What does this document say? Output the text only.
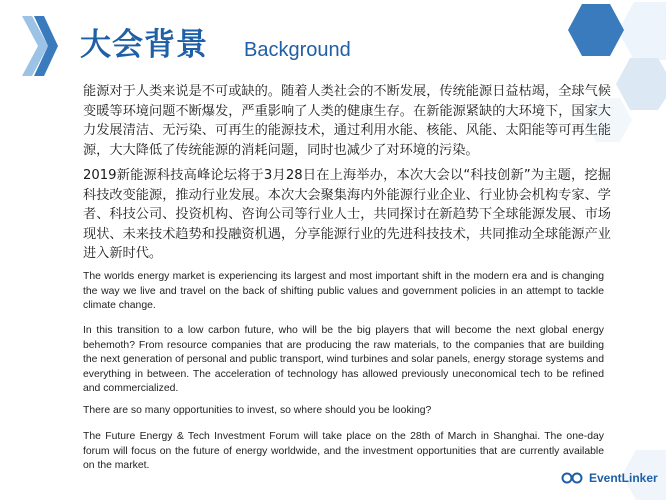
大会背景 Background
能源对于人类来说是不可或缺的。随着人类社会的不断发展，传统能源日益枯竭，全球气候变暖等环境问题不断爆发，严重影响了人类的健康生存。在新能源紧缺的大环境下，国家大力发展清洁、无污染、可再生的能源技术，通过利用水能、核能、风能、太阳能等可再生能源，大大降低了传统能源的消耗问题，同时也减少了对环境的污染。
2019新能源科技高峰论坛将于3月28日在上海举办，本次大会以“科技创新”为主题，挖掘科技改变能源，推动行业发展。本次大会聚集海内外能源行业企业、行业协会机构专家、学者、科技公司、投资机构、咨询公司等行业人士，共同探讨在新趋势下全球能源发展、市场现状、未来技术趋势和投融资机遇，分享能源行业的先进科技技术，共同推动全球能源产业进入新时代。

The worlds energy market is experiencing its largest and most important shift in the modern era and is changing the way we live and travel on the back of shifting public values and government policies in an attempt to tackle climate change.

In this transition to a low carbon future, who will be the big players that will become the next global energy behemoth? From resource companies that are producing the raw materials, to the companies that are building the next generation of personal and public transport, wind turbines and solar panels, energy storage systems and everything in between. The acceleration of technology has allowed previously uneconomical tech to be refined and commercialized.

There are so many opportunities to invest, so where should you be looking?

The Future Energy & Tech Investment Forum will take place on the 28th of March in Shanghai. The one-day forum will focus on the future of energy worldwide, and the investment opportunities that are currently available on the market.

EventLinker
